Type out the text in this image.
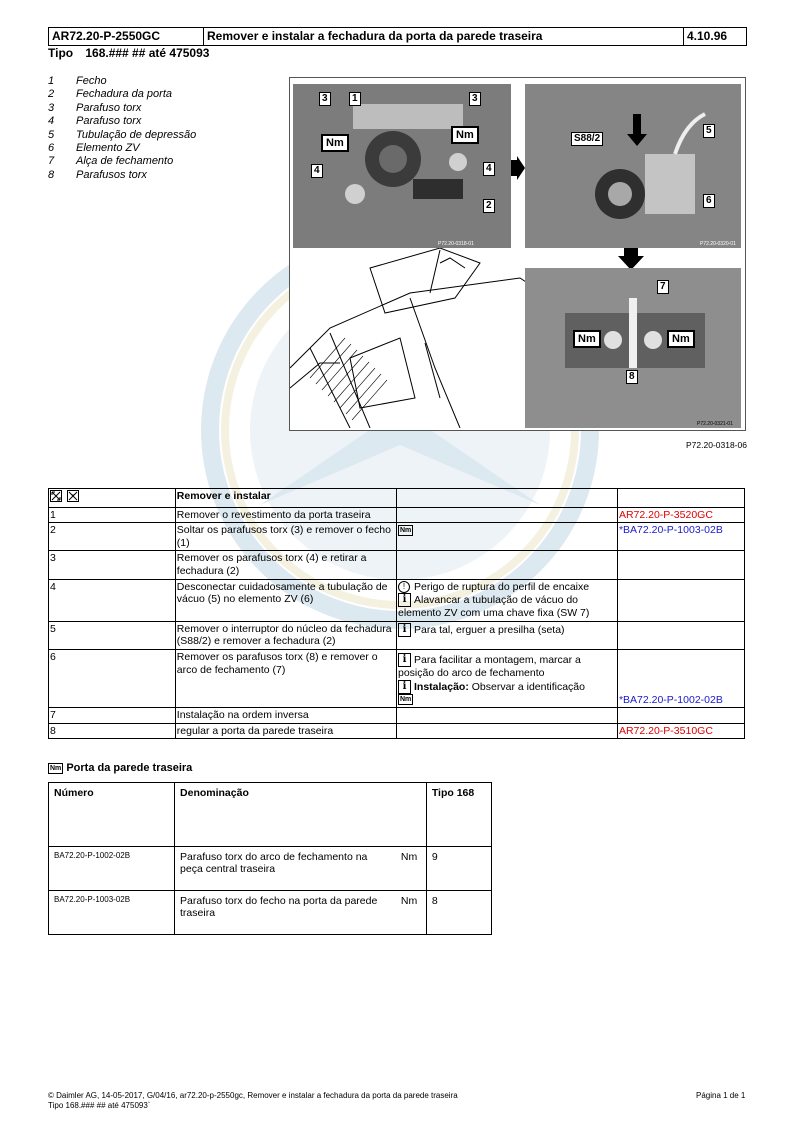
AR72.20-P-2550GC	Remover e instalar a fechadura da porta da parede traseira	4.10.96
Tipo 168.### ## até 475093
1	Fecho
2	Fechadura da porta
3	Parafuso torx
4	Parafuso torx
5	Tubulação de depressão
6	Elemento ZV
7	Alça de fechamento
8	Parafusos torx
P72.20-0318-01
3	1	3
Nm
Nm
4	4
2
P72.20-0320-01
S88/2
5
6
P72.20-0321-01
7
Nm	Nm
8
P72.20-0318-06
	Remover e instalar		
1	Remover o revestimento da porta traseira		AR72.20-P-3520GC
2	Soltar os parafusos torx (3) e remover o fecho (1)	Nm	*BA72.20-P-1003-02B
3	Remover os parafusos torx (4) e retirar a fechadura (2)		
4	Desconectar cuidadosamente a tubulação de vácuo (5) no elemento ZV (6)	! Perigo de ruptura do perfil de encaixe
i Alavancar a tubulação de vácuo do elemento ZV com uma chave fixa (SW 7)	

5	Remover o interruptor do núcleo da fechadura (S88/2) e remover a fechadura (2)	i Para tal, erguer a presilha (seta)	
6	Remover os parafusos torx (8) e remover o arco de fechamento (7)	i Para facilitar a montagem, marcar a posição do arco de fechamento
i Instalação: Observar a identificação
Nm	*BA72.20-P-1002-02B
7	Instalação na ordem inversa		
8	regular a porta da parede traseira		AR72.20-P-3510GC
Nm Porta da parede traseira
Número	Denominação		Tipo 168
BA72.20-P-1002-02B	Parafuso torx do arco de fechamento na peça central traseira	Nm	9
BA72.20-P-1003-02B	Parafuso torx do fecho na porta da parede traseira	Nm	8
© Daimler AG, 14-05-2017, G/04/16, ar72.20-p-2550gc, Remover e instalar a fechadura da porta da parede traseira
Tipo 168.### ## até 475093`
Página 1 de 1
